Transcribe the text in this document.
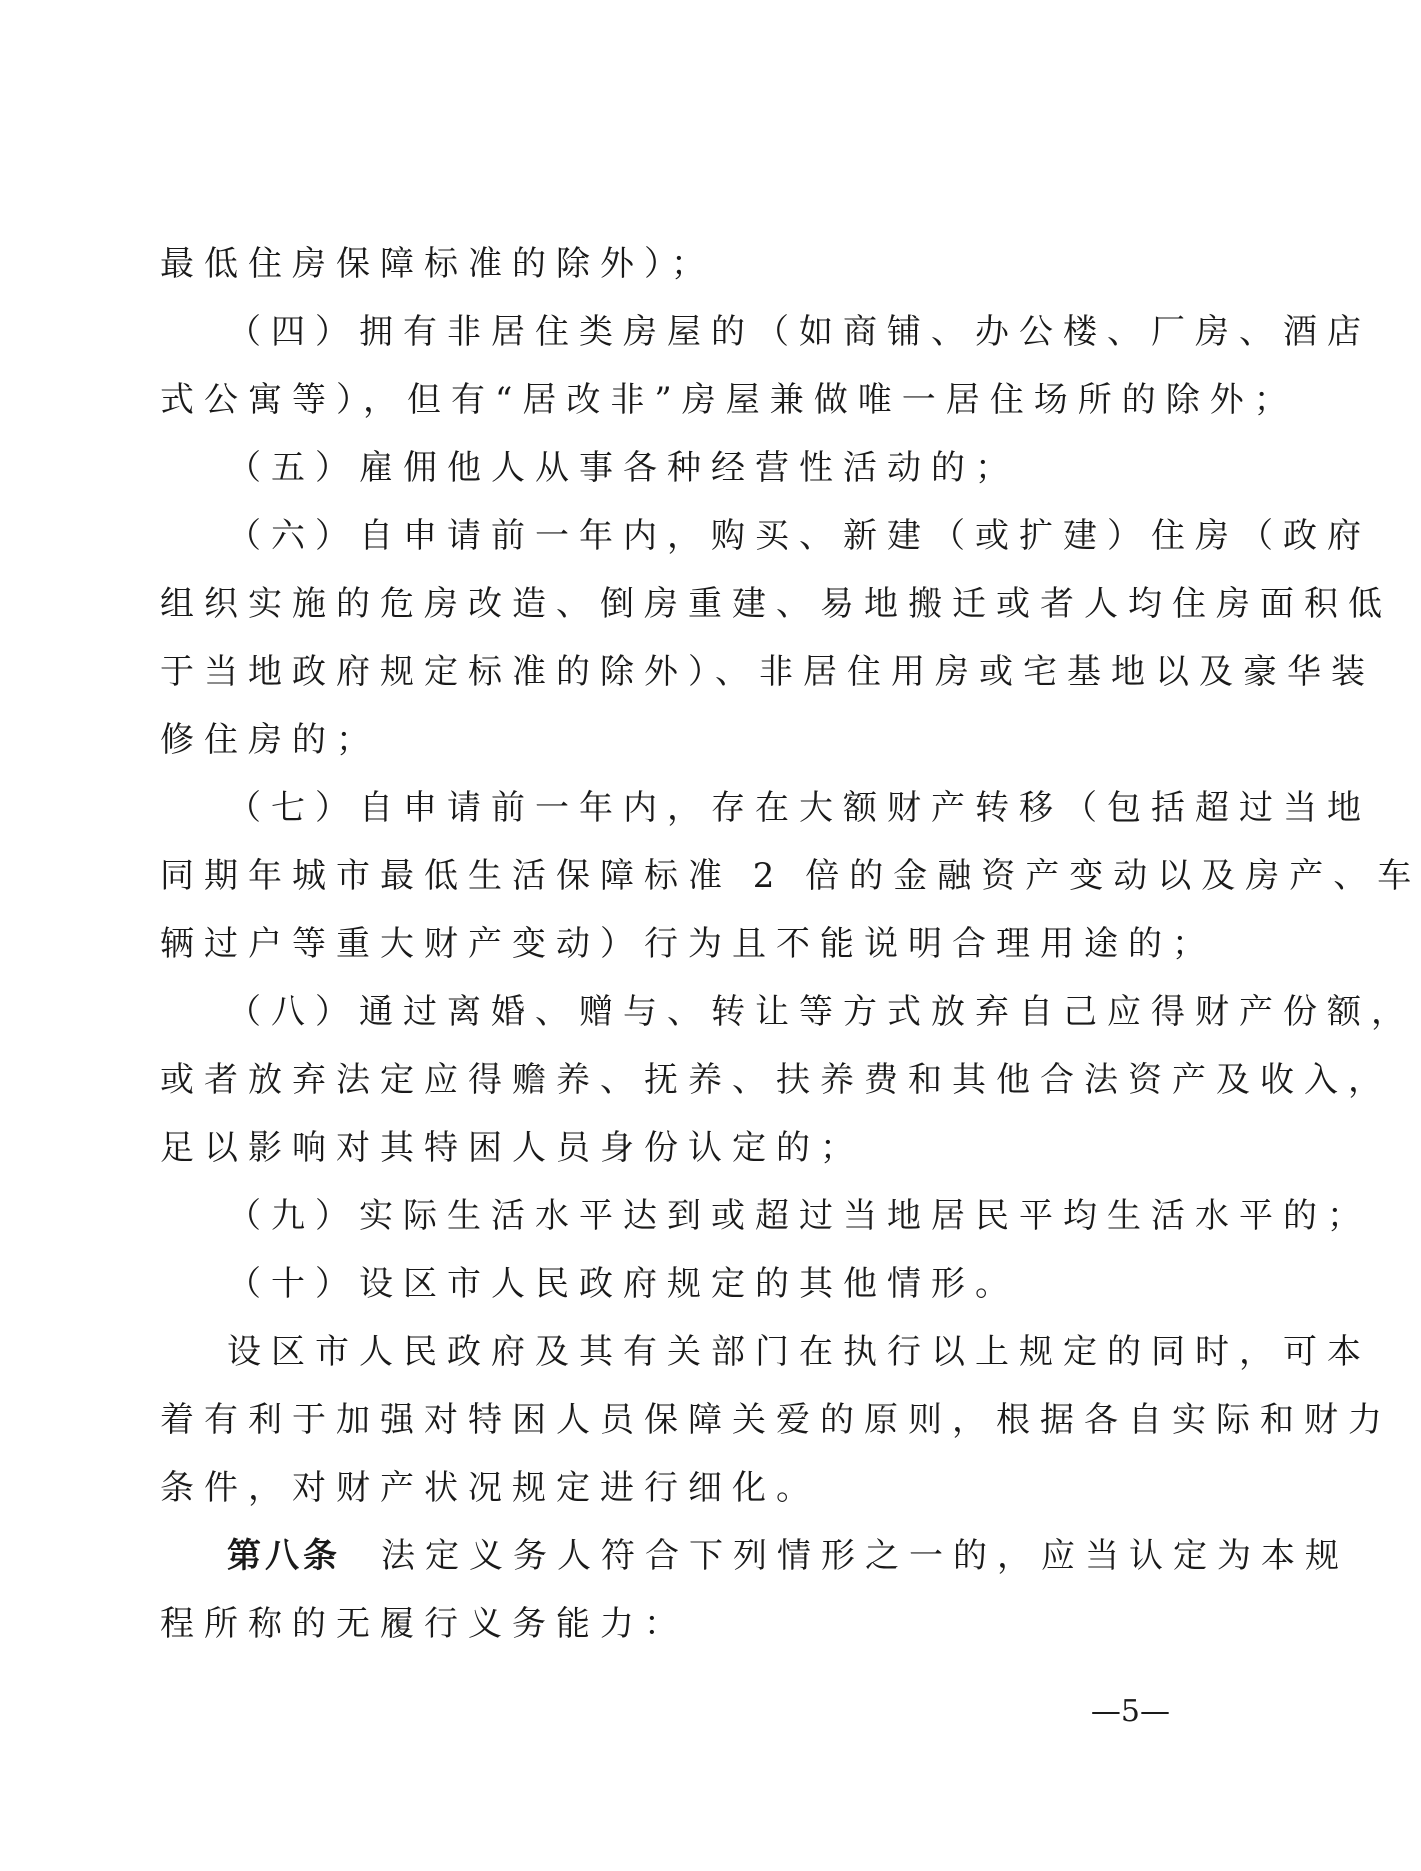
最低住房保障标准的除外）；
（四）拥有非居住类房屋的（如商铺、办公楼、厂房、酒店
式公寓等），但有“居改非”房屋兼做唯一居住场所的除外；
（五）雇佣他人从事各种经营性活动的；
（六）自申请前一年内，购买、新建（或扩建）住房（政府
组织实施的危房改造、倒房重建、易地搬迁或者人均住房面积低
于当地政府规定标准的除外）、非居住用房或宅基地以及豪华装
修住房的；
（七）自申请前一年内，存在大额财产转移（包括超过当地
同期年城市最低生活保障标准 2 倍的金融资产变动以及房产、车
辆过户等重大财产变动）行为且不能说明合理用途的；
（八）通过离婚、赠与、转让等方式放弃自己应得财产份额，
或者放弃法定应得赡养、抚养、扶养费和其他合法资产及收入，
足以影响对其特困人员身份认定的；
（九）实际生活水平达到或超过当地居民平均生活水平的；
（十）设区市人民政府规定的其他情形。
设区市人民政府及其有关部门在执行以上规定的同时，可本
着有利于加强对特困人员保障关爱的原则，根据各自实际和财力
条件，对财产状况规定进行细化。
第八条 法定义务人符合下列情形之一的，应当认定为本规
程所称的无履行义务能力：
—5—
